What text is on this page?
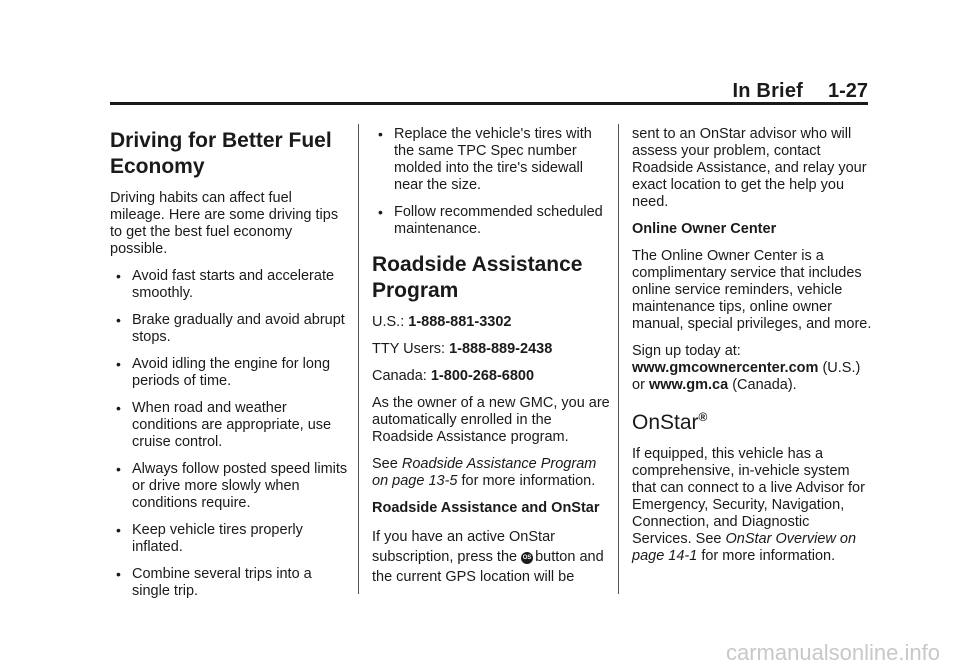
In Brief 1-27
Driving for Better Fuel Economy

Driving habits can affect fuel mileage. Here are some driving tips to get the best fuel economy possible.

• Avoid fast starts and accelerate smoothly.
• Brake gradually and avoid abrupt stops.
• Avoid idling the engine for long periods of time.
• When road and weather conditions are appropriate, use cruise control.
• Always follow posted speed limits or drive more slowly when conditions require.
• Keep vehicle tires properly inflated.
• Combine several trips into a single trip.
• Replace the vehicle's tires with the same TPC Spec number molded into the tire's sidewall near the size.
• Follow recommended scheduled maintenance.
Roadside Assistance Program

U.S.: 1-888-881-3302

TTY Users: 1-888-889-2438

Canada: 1-800-268-6800

As the owner of a new GMC, you are automatically enrolled in the Roadside Assistance program.

See Roadside Assistance Program on page 13-5 for more information.

Roadside Assistance and OnStar

If you have an active OnStar subscription, press the OS button and the current GPS location will be

sent to an OnStar advisor who will assess your problem, contact Roadside Assistance, and relay your exact location to get the help you need.

Online Owner Center

The Online Owner Center is a complimentary service that includes online service reminders, vehicle maintenance tips, online owner manual, special privileges, and more.

Sign up today at:
www.gmcownercenter.com (U.S.) or www.gm.ca (Canada).

OnStar®

If equipped, this vehicle has a comprehensive, in-vehicle system that can connect to a live Advisor for Emergency, Security, Navigation, Connection, and Diagnostic Services. See OnStar Overview on page 14-1 for more information.

carmanualsonline.info
